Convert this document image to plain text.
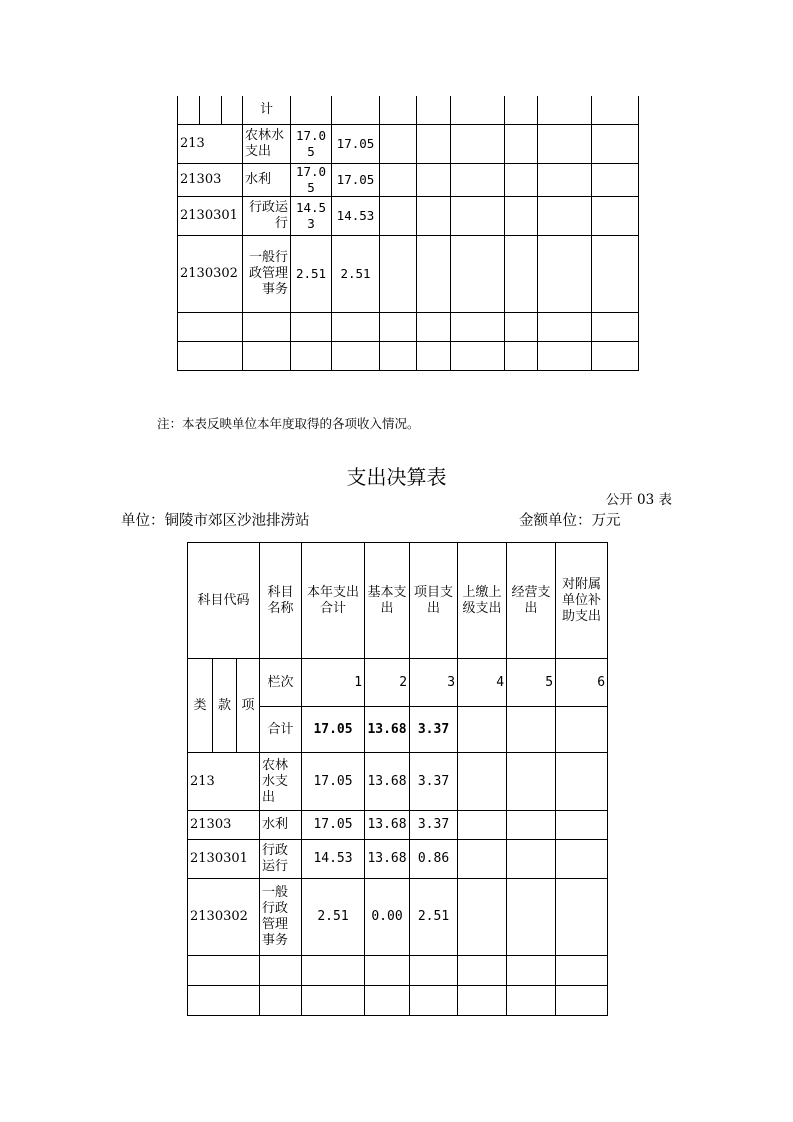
			计								
213			农林水支出	17.05	17.05						
21303			水利	17.05	17.05						
2130301			行政运行	14.53	14.53						
2130302			一般行政管理事务	2.51	2.51						

注：本表反映单位本年度取得的各项收入情况。
支出决算表
公开 03 表
单位：铜陵市郊区沙池排涝站	金额单位：万元
科目代码			科目名称	本年支出合计	基本支出	项目支出	上缴上级支出	经营支出	对附属单位补助支出
类	款	项	栏次	1	2	3	4	5	6
			合计	17.05	13.68	3.37			
213			农林水支出	17.05	13.68	3.37			
21303			水利	17.05	13.68	3.37			
2130301			行政运行	14.53	13.68	0.86			
2130302			一般行政管理事务	2.51	0.00	2.51			
